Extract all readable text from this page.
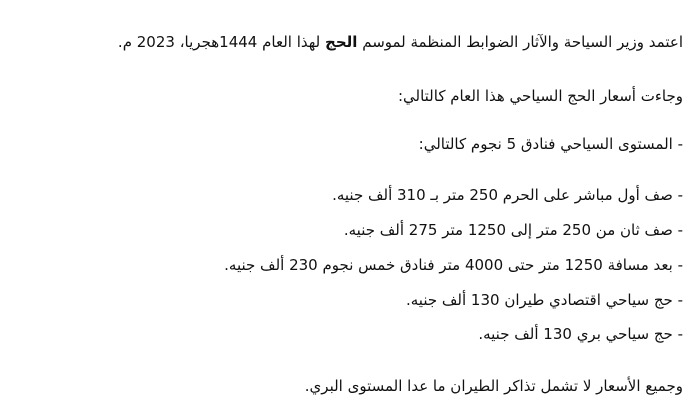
اعتمد وزير السياحة والآثار الضوابط المنظمة لموسم الحج لهذا العام 1444هجريا، 2023 م.

وجاءت أسعار الحج السياحي هذا العام كالتالي:

- المستوى السياحي فنادق 5 نجوم كالتالي:

- صف أول مباشر على الحرم 250 متر بـ 310 ألف جنيه.

- صف ثان من 250 متر إلى 1250 متر 275 ألف جنيه.

- بعد مسافة 1250 متر حتى 4000 متر فنادق خمس نجوم 230 ألف جنيه.

- حج سياحي اقتصادي طيران 130 ألف جنيه.

- حج سياحي بري 130 ألف جنيه.

وجميع الأسعار لا تشمل تذاكر الطيران ما عدا المستوى البري.
